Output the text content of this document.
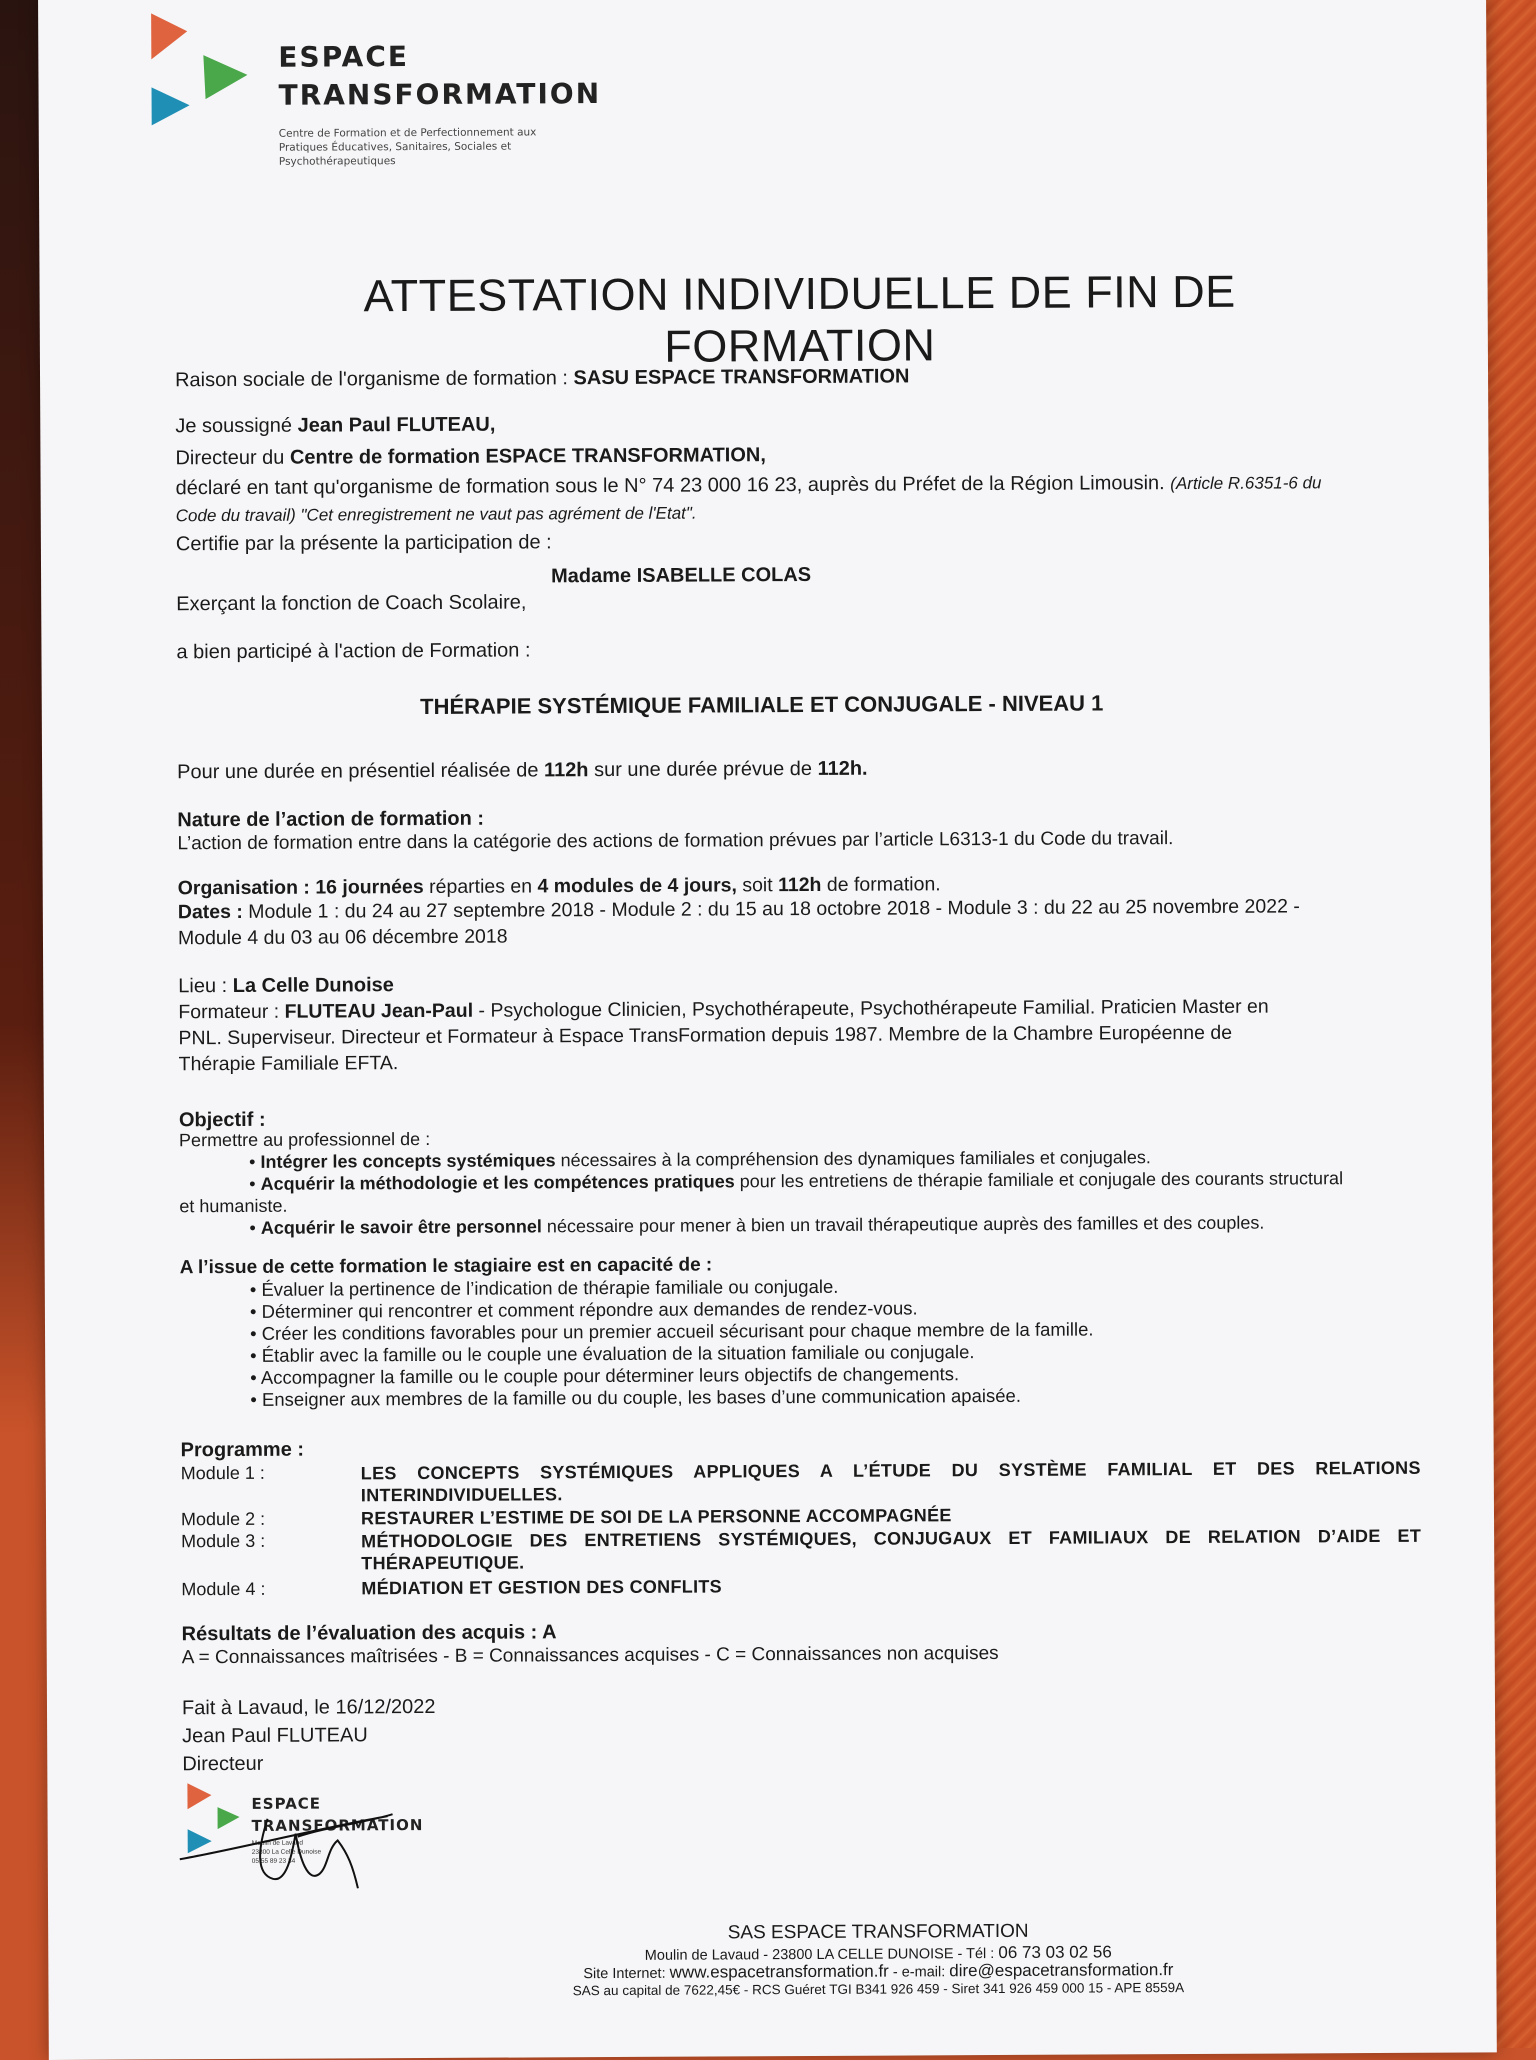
ESPACE
TRANSFORMATION
Centre de Formation et de Perfectionnement aux Pratiques Éducatives, Sanitaires, Sociales et Psychothérapeutiques
ATTESTATION INDIVIDUELLE DE FIN DE FORMATION
Raison sociale de l'organisme de formation : SASU ESPACE TRANSFORMATION
Je soussigné Jean Paul FLUTEAU,
Directeur du Centre de formation ESPACE TRANSFORMATION,
déclaré en tant qu'organisme de formation sous le N° 74 23 000 16 23, auprès du Préfet de la Région Limousin. (Article R.6351-6 du
Code du travail) "Cet enregistrement ne vaut pas agrément de l'Etat".
Certifie par la présente la participation de :
Madame ISABELLE COLAS
Exerçant la fonction de Coach Scolaire,
a bien participé à l'action de Formation :
THÉRAPIE SYSTÉMIQUE FAMILIALE ET CONJUGALE - NIVEAU 1
Pour une durée en présentiel réalisée de 112h sur une durée prévue de 112h.
Nature de l’action de formation :
L’action de formation entre dans la catégorie des actions de formation prévues par l’article L6313-1 du Code du travail.
Organisation : 16 journées réparties en 4 modules de 4 jours, soit 112h de formation.
Dates : Module 1 : du 24 au 27 septembre 2018 - Module 2 : du 15 au 18 octobre 2018 - Module 3 : du 22 au 25 novembre 2022 -
Module 4 du 03 au 06 décembre 2018
Lieu : La Celle Dunoise
Formateur : FLUTEAU Jean-Paul - Psychologue Clinicien, Psychothérapeute, Psychothérapeute Familial. Praticien Master en
PNL. Superviseur. Directeur et Formateur à Espace TransFormation depuis 1987. Membre de la Chambre Européenne de
Thérapie Familiale EFTA.
Objectif :
Permettre au professionnel de :
• Intégrer les concepts systémiques nécessaires à la compréhension des dynamiques familiales et conjugales.
• Acquérir la méthodologie et les compétences pratiques pour les entretiens de thérapie familiale et conjugale des courants structural
et humaniste.
• Acquérir le savoir être personnel nécessaire pour mener à bien un travail thérapeutique auprès des familles et des couples.
A l’issue de cette formation le stagiaire est en capacité de :
• Évaluer la pertinence de l’indication de thérapie familiale ou conjugale.
• Déterminer qui rencontrer et comment répondre aux demandes de rendez-vous.
• Créer les conditions favorables pour un premier accueil sécurisant pour chaque membre de la famille.
• Établir avec la famille ou le couple une évaluation de la situation familiale ou conjugale.
• Accompagner la famille ou le couple pour déterminer leurs objectifs de changements.
• Enseigner aux membres de la famille ou du couple, les bases d’une communication apaisée.
Programme :
Module 1 :	LES CONCEPTS SYSTÉMIQUES APPLIQUES A L’ÉTUDE DU SYSTÈME FAMILIAL ET DES RELATIONS INTERINDIVIDUELLES.
Module 2 :	RESTAURER L’ESTIME DE SOI DE LA PERSONNE ACCOMPAGNÉE
Module 3 :	MÉTHODOLOGIE DES ENTRETIENS SYSTÉMIQUES, CONJUGAUX ET FAMILIAUX DE RELATION D’AIDE ET THÉRAPEUTIQUE.
Module 4 :	MÉDIATION ET GESTION DES CONFLITS
Résultats de l’évaluation des acquis : A
A = Connaissances maîtrisées - B = Connaissances acquises - C = Connaissances non acquises
Fait à Lavaud, le 16/12/2022
Jean Paul FLUTEAU
Directeur
ESPACE
TRANSFORMATION
Moulin de Lavaud
23800 La Celle Dunoise
05 55 89 23 34
SAS ESPACE TRANSFORMATION
Moulin de Lavaud - 23800 LA CELLE DUNOISE - Tél : 06 73 03 02 56
Site Internet: www.espacetransformation.fr - e-mail: dire@espacetransformation.fr
SAS au capital de 7622,45€ - RCS Guéret TGI B341 926 459 - Siret 341 926 459 000 15 - APE 8559A
